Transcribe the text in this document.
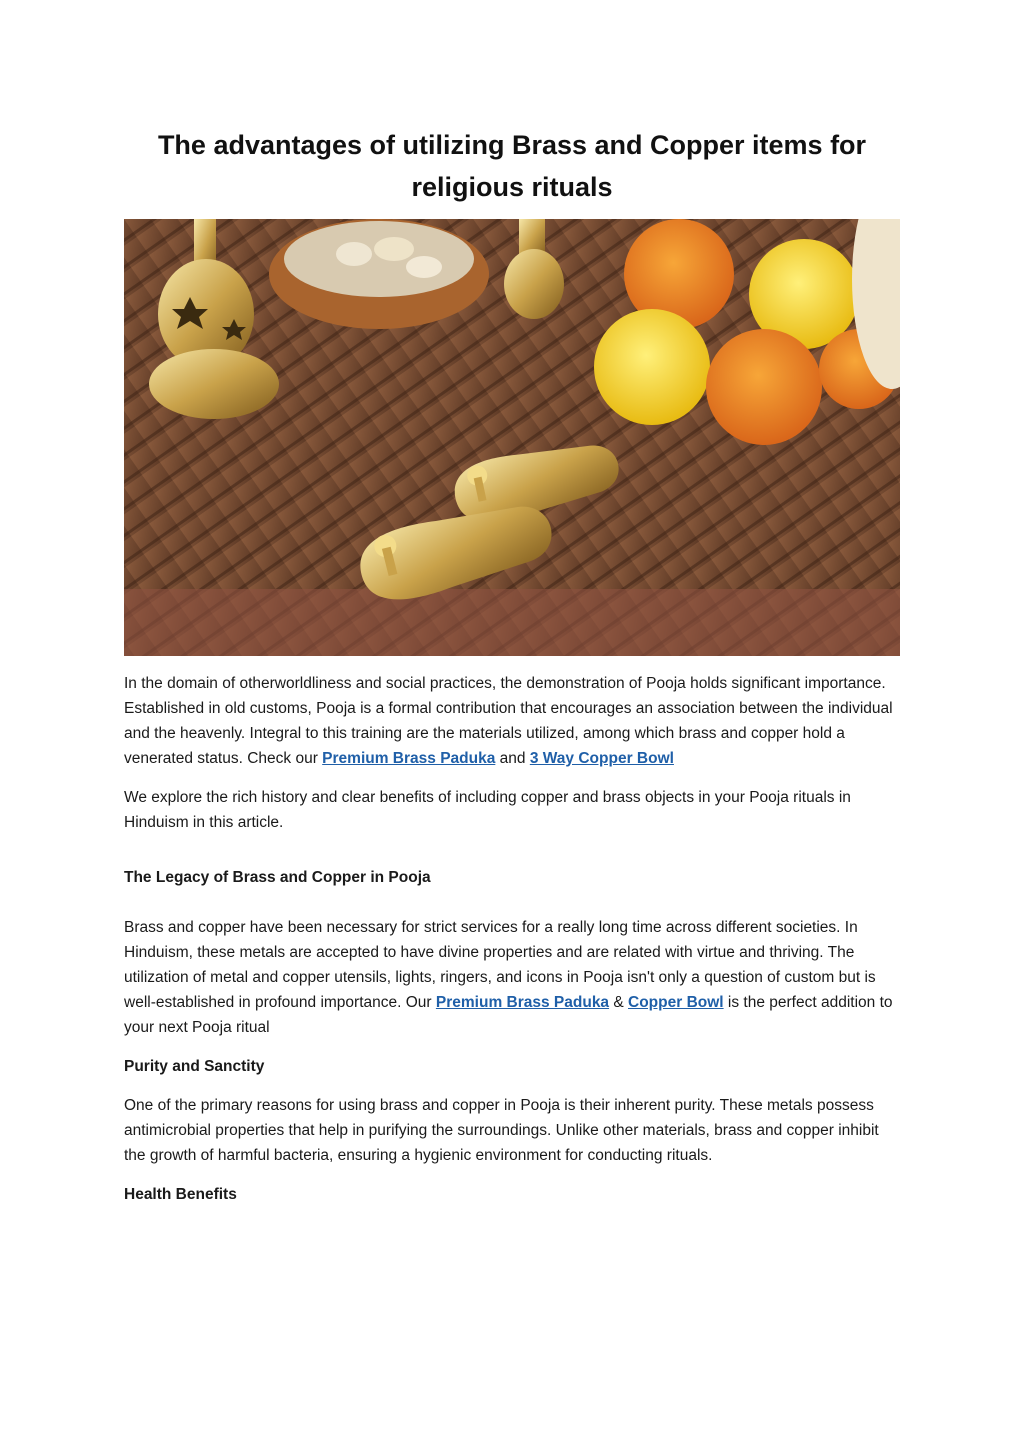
The advantages of utilizing Brass and Copper items for religious rituals

In the domain of otherworldliness and social practices, the demonstration of Pooja holds significant importance. Established in old customs, Pooja is a formal contribution that encourages an association between the individual and the heavenly. Integral to this training are the materials utilized, among which brass and copper hold a venerated status. Check our Premium Brass Paduka and 3 Way Copper Bowl

We explore the rich history and clear benefits of including copper and brass objects in your Pooja rituals in Hinduism in this article.

The Legacy of Brass and Copper in Pooja

Brass and copper have been necessary for strict services for a really long time across different societies. In Hinduism, these metals are accepted to have divine properties and are related with virtue and thriving. The utilization of metal and copper utensils, lights, ringers, and icons in Pooja isn't only a question of custom but is well-established in profound importance. Our Premium Brass Paduka & Copper Bowl is the perfect addition to your next Pooja ritual

Purity and Sanctity

One of the primary reasons for using brass and copper in Pooja is their inherent purity. These metals possess antimicrobial properties that help in purifying the surroundings. Unlike other materials, brass and copper inhibit the growth of harmful bacteria, ensuring a hygienic environment for conducting rituals.

Health Benefits
